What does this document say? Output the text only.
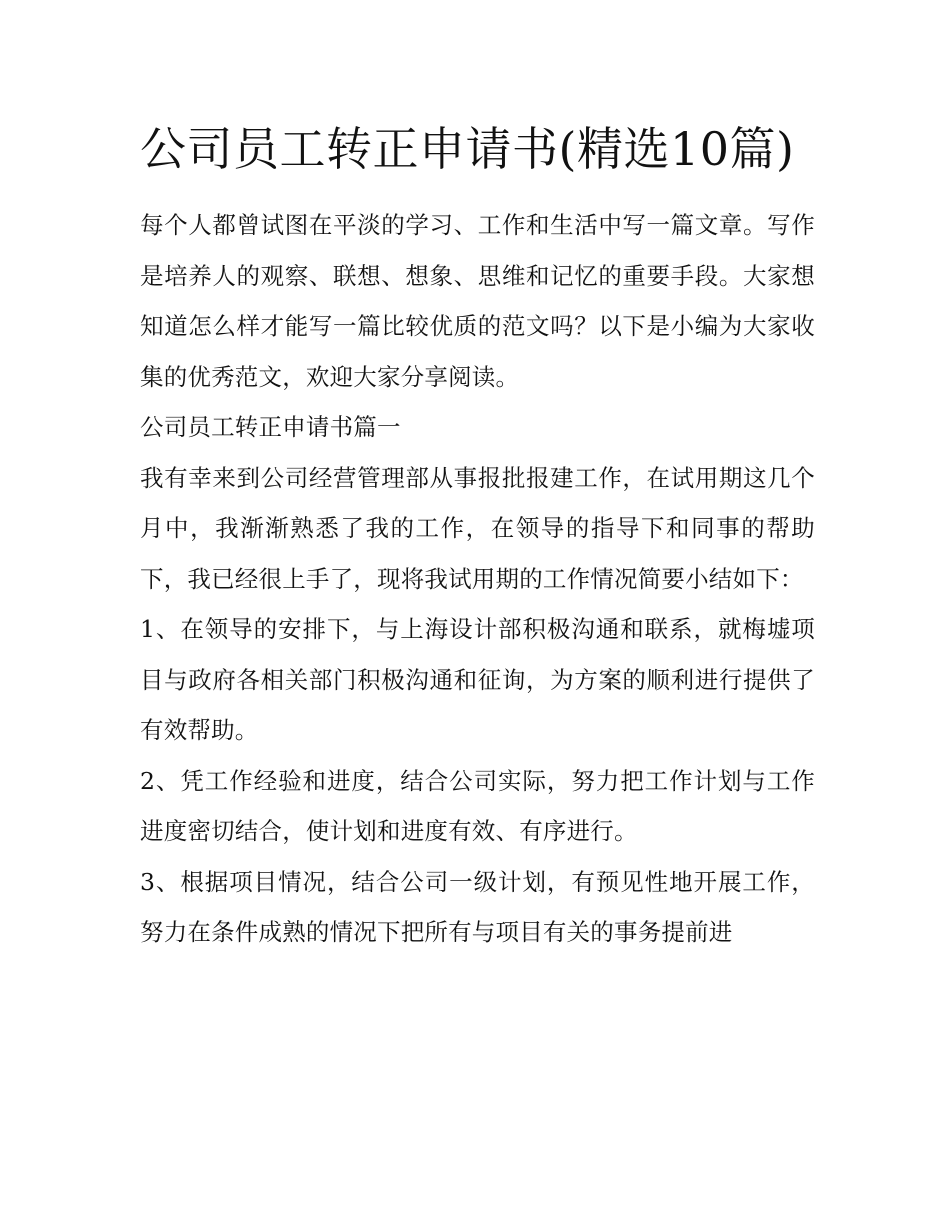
公司员工转正申请书(精选10篇)

每个人都曾试图在平淡的学习、工作和生活中写一篇文章。写作是培养人的观察、联想、想象、思维和记忆的重要手段。大家想知道怎么样才能写一篇比较优质的范文吗？以下是小编为大家收集的优秀范文，欢迎大家分享阅读。

公司员工转正申请书篇一

我有幸来到公司经营管理部从事报批报建工作，在试用期这几个月中，我渐渐熟悉了我的工作，在领导的指导下和同事的帮助下，我已经很上手了，现将我试用期的工作情况简要小结如下：

1、在领导的安排下，与上海设计部积极沟通和联系，就梅墟项目与政府各相关部门积极沟通和征询，为方案的顺利进行提供了有效帮助。

2、凭工作经验和进度，结合公司实际，努力把工作计划与工作进度密切结合，使计划和进度有效、有序进行。

3、根据项目情况，结合公司一级计划，有预见性地开展工作，努力在条件成熟的情况下把所有与项目有关的事务提前进
